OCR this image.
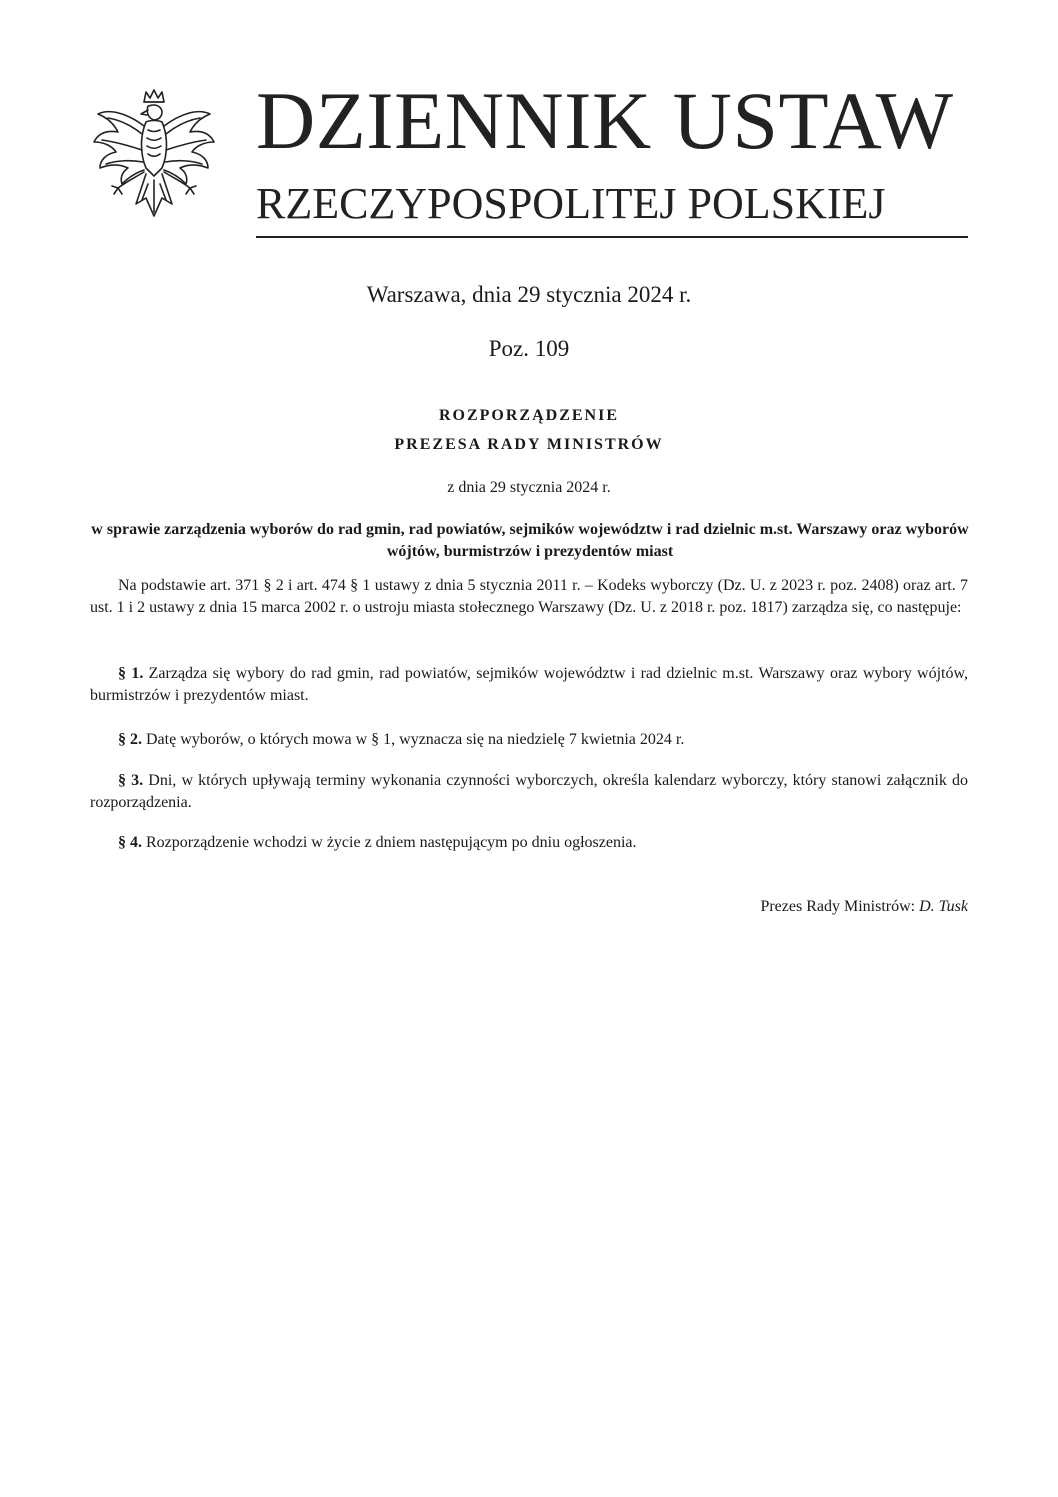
DZIENNIK USTAW
RZECZYPOSPOLITEJ POLSKIEJ
Warszawa, dnia 29 stycznia 2024 r.
Poz. 109
ROZPORZĄDZENIE
PREZESA RADY MINISTRÓW
z dnia 29 stycznia 2024 r.
w sprawie zarządzenia wyborów do rad gmin, rad powiatów, sejmików województw i rad dzielnic m.st. Warszawy oraz wyborów wójtów, burmistrzów i prezydentów miast

Na podstawie art. 371 § 2 i art. 474 § 1 ustawy z dnia 5 stycznia 2011 r. – Kodeks wyborczy (Dz. U. z 2023 r. poz. 2408) oraz art. 7 ust. 1 i 2 ustawy z dnia 15 marca 2002 r. o ustroju miasta stołecznego Warszawy (Dz. U. z 2018 r. poz. 1817) zarządza się, co następuje:

§ 1. Zarządza się wybory do rad gmin, rad powiatów, sejmików województw i rad dzielnic m.st. Warszawy oraz wybory wójtów, burmistrzów i prezydentów miast.

§ 2. Datę wyborów, o których mowa w § 1, wyznacza się na niedzielę 7 kwietnia 2024 r.

§ 3. Dni, w których upływają terminy wykonania czynności wyborczych, określa kalendarz wyborczy, który stanowi załącznik do rozporządzenia.

§ 4. Rozporządzenie wchodzi w życie z dniem następującym po dniu ogłoszenia.

Prezes Rady Ministrów: D. Tusk
